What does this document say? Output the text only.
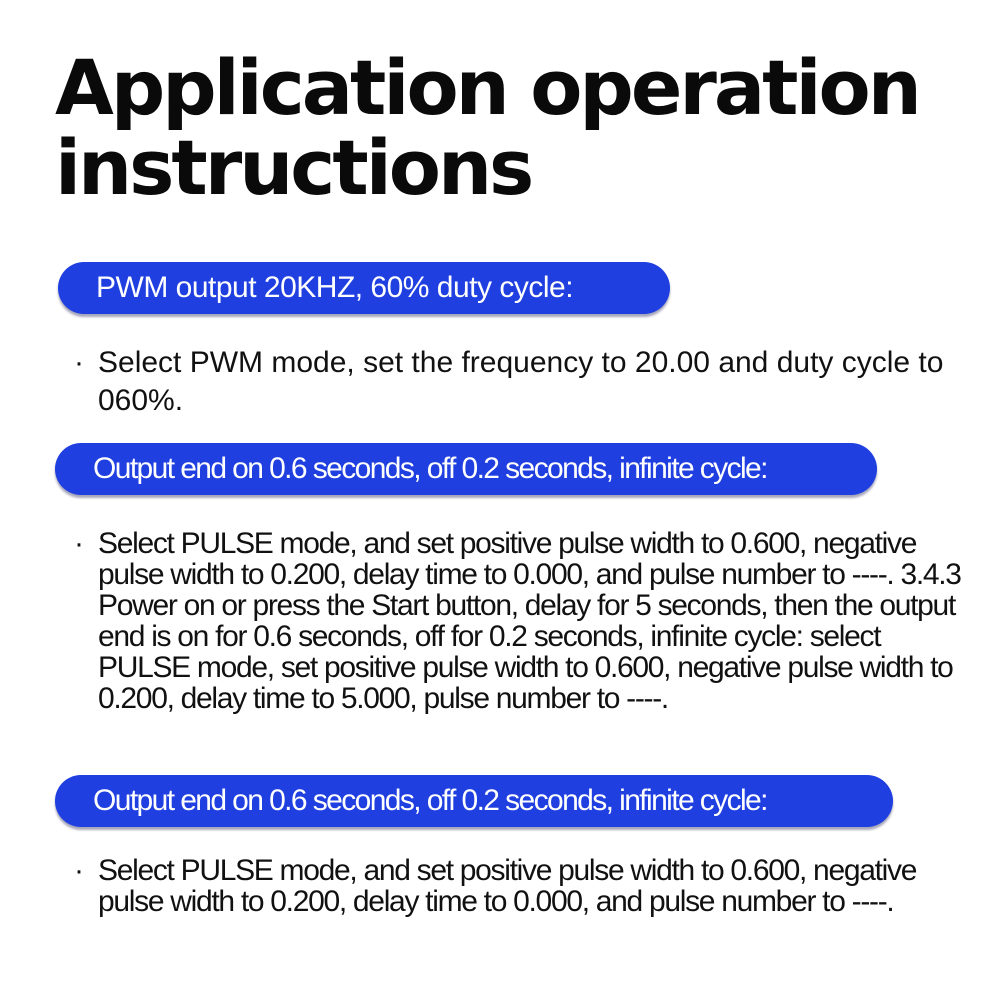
Application operation
instructions
PWM output 20KHZ, 60% duty cycle:
· Select PWM mode, set the frequency to 20.00 and duty cycle to 060%.
Output end on 0.6 seconds, off 0.2 seconds, infinite cycle:
· Select PULSE mode, and set positive pulse width to 0.600, negative pulse width to 0.200, delay time to 0.000, and pulse number to ----. 3.4.3 Power on or press the Start button, delay for 5 seconds, then the output end is on for 0.6 seconds, off for 0.2 seconds, infinite cycle: select PULSE mode, set positive pulse width to 0.600, negative pulse width to 0.200, delay time to 5.000, pulse number to ----.
Output end on 0.6 seconds, off 0.2 seconds, infinite cycle:
· Select PULSE mode, and set positive pulse width to 0.600, negative pulse width to 0.200, delay time to 0.000, and pulse number to ----.
